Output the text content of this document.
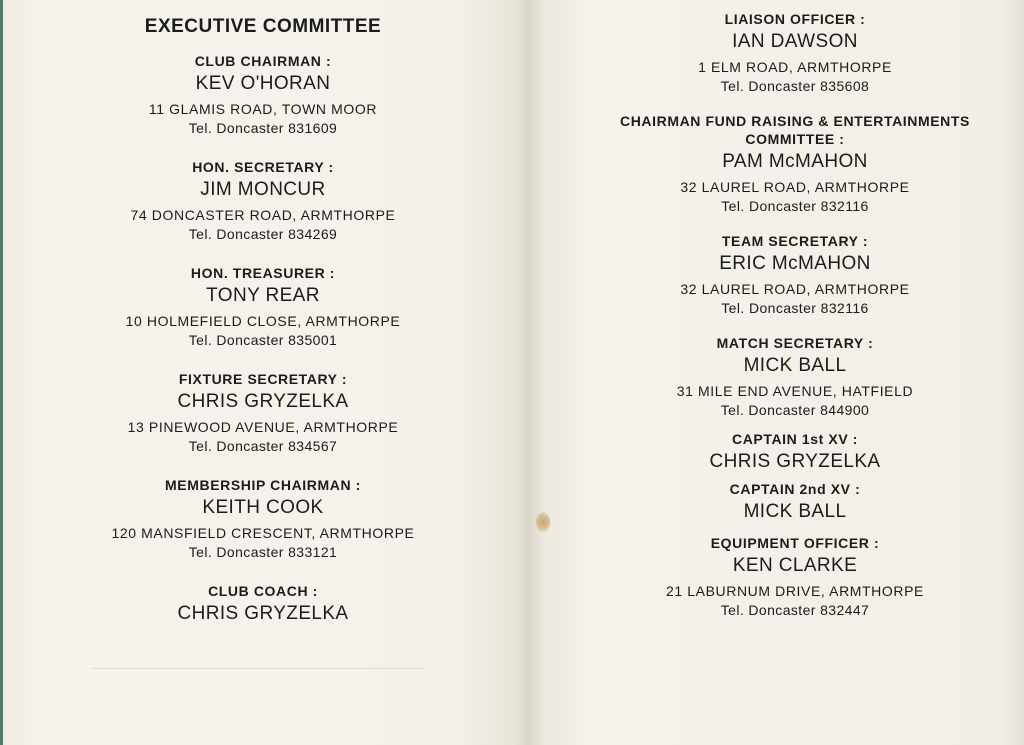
EXECUTIVE COMMITTEE
CLUB CHAIRMAN :
KEV O'HORAN
11 GLAMIS ROAD, TOWN MOOR
Tel. Doncaster 831609
HON. SECRETARY :
JIM MONCUR
74 DONCASTER ROAD, ARMTHORPE
Tel. Doncaster 834269
HON. TREASURER :
TONY REAR
10 HOLMEFIELD CLOSE, ARMTHORPE
Tel. Doncaster 835001
FIXTURE SECRETARY :
CHRIS GRYZELKA
13 PINEWOOD AVENUE, ARMTHORPE
Tel. Doncaster 834567
MEMBERSHIP CHAIRMAN :
KEITH COOK
120 MANSFIELD CRESCENT, ARMTHORPE
Tel. Doncaster 833121
CLUB COACH :
CHRIS GRYZELKA
LIAISON OFFICER :
IAN DAWSON
1 ELM ROAD, ARMTHORPE
Tel. Doncaster 835608
CHAIRMAN FUND RAISING & ENTERTAINMENTS COMMITTEE :
PAM McMAHON
32 LAUREL ROAD, ARMTHORPE
Tel. Doncaster 832116
TEAM SECRETARY :
ERIC McMAHON
32 LAUREL ROAD, ARMTHORPE
Tel. Doncaster 832116
MATCH SECRETARY :
MICK BALL
31 MILE END AVENUE, HATFIELD
Tel. Doncaster 844900
CAPTAIN 1st XV :
CHRIS GRYZELKA
CAPTAIN 2nd XV :
MICK BALL
EQUIPMENT OFFICER :
KEN CLARKE
21 LABURNUM DRIVE, ARMTHORPE
Tel. Doncaster 832447
